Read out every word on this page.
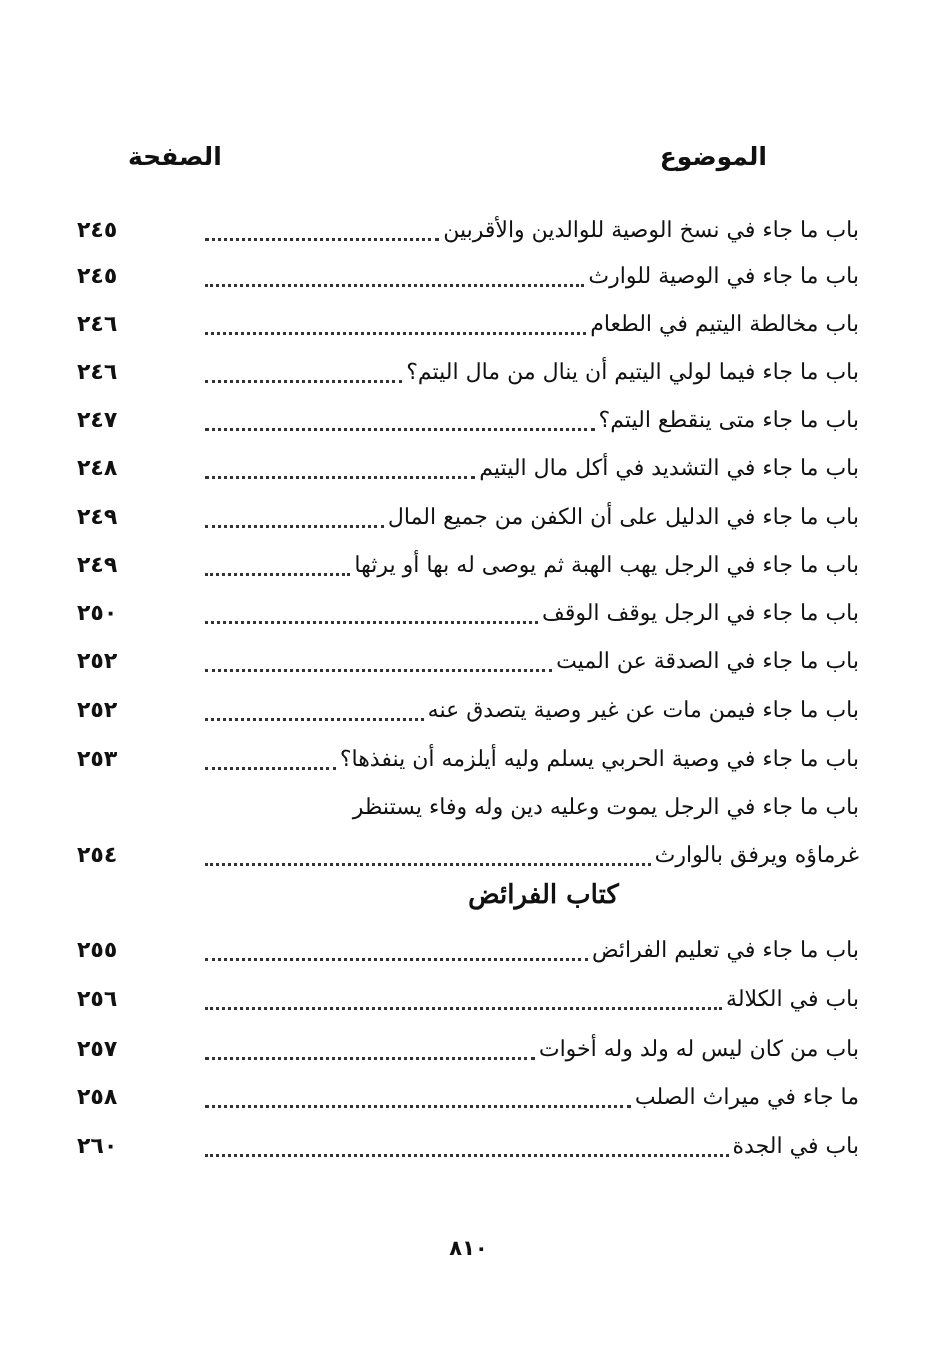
الموضوع
الصفحة
باب ما جاء في نسخ الوصية للوالدين والأقربين
٢٤٥
باب ما جاء في الوصية للوارث
٢٤٥
باب مخالطة اليتيم في الطعام
٢٤٦
باب ما جاء فيما لولي اليتيم أن ينال من مال اليتم؟
٢٤٦
باب ما جاء متى ينقطع اليتم؟
٢٤٧
باب ما جاء في التشديد في أكل مال اليتيم
٢٤٨
باب ما جاء في الدليل على أن الكفن من جميع المال
٢٤٩
باب ما جاء في الرجل يهب الهبة ثم يوصى له بها أو يرثها
٢٤٩
باب ما جاء في الرجل يوقف الوقف
٢٥٠
باب ما جاء في الصدقة عن الميت
٢٥٢
باب ما جاء فيمن مات عن غير وصية يتصدق عنه
٢٥٢
باب ما جاء في وصية الحربي يسلم وليه أيلزمه أن ينفذها؟
٢٥٣
باب ما جاء في الرجل يموت وعليه دين وله وفاء يستنظر
غرماؤه ويرفق بالوارث
٢٥٤
كتاب الفرائض
باب ما جاء في تعليم الفرائض
٢٥٥
باب في الكلالة
٢٥٦
باب من كان ليس له ولد وله أخوات
٢٥٧
ما جاء في ميراث الصلب
٢٥٨
باب في الجدة
٢٦٠
٨١٠
